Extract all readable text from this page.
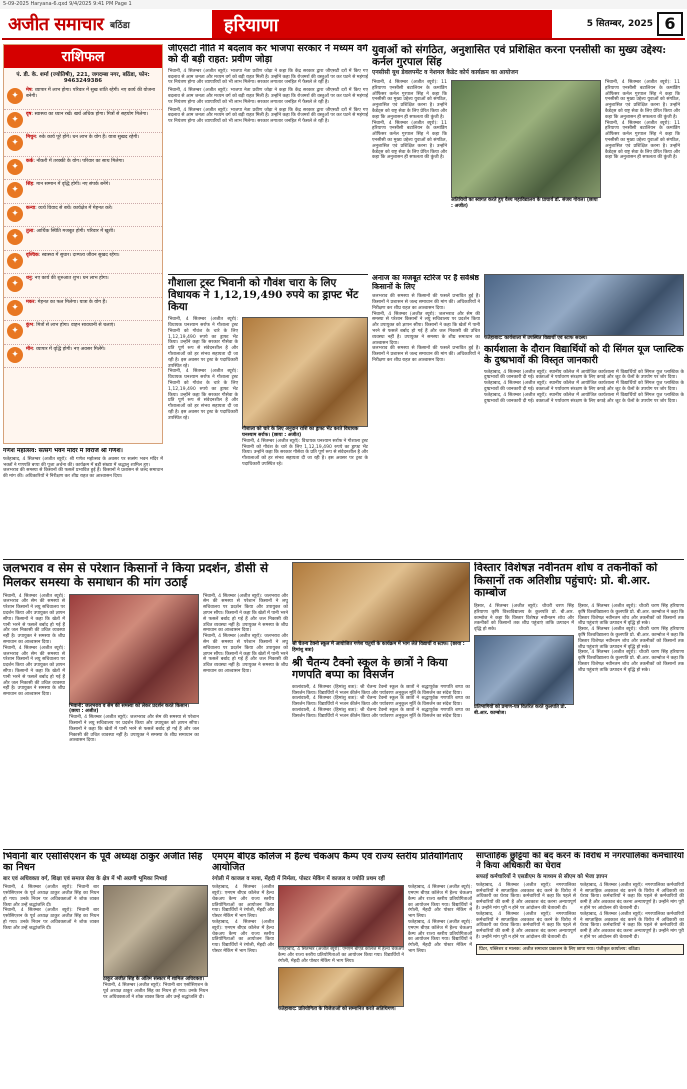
5-09-2025 Haryana-6.qxd 9/4/2025 9:41 PM Page 1
अजीत समाचार बठिंडा	हरियाणा	5 सितम्बर, 2025 6
राशिफल
पं. डी. के. शर्मा (ज्योतिषी), 221, जगदम्बा नगर, बठिंडा, फोन: 9463249386
✦
मेष: व्यापार में लाभ होगा। परिवार में सुख शांति रहेगी। नए कार्य की योजना बनेगी।
✦
वृष: स्वास्थ्य का ध्यान रखें। खर्च अधिक होगा। मित्रों से सहयोग मिलेगा।
✦
मिथुन: रुके कार्य पूरे होंगे। धन लाभ के योग हैं। यात्रा सुखद रहेगी।
✦
कर्क: नौकरी में तरक्की के योग। परिवार का साथ मिलेगा।
✦
सिंह: मान सम्मान में वृद्धि होगी। नए संपर्क बनेंगे।
✦
कन्या: व्यर्थ विवाद से बचें। कार्यक्षेत्र में मेहनत करें।
✦
तुला: आर्थिक स्थिति मजबूत होगी। परिवार में खुशी।
✦
वृश्चिक: स्वास्थ्य में सुधार। दाम्पत्य जीवन सुखद रहेगा।
✦
धनु: नए कार्य की शुरुआत शुभ। धन लाभ होगा।
✦
मकर: मेहनत का फल मिलेगा। यात्रा के योग हैं।
✦
कुंभ: मित्रों से लाभ होगा। वाहन सावधानी से चलाएं।
✦
मीन: व्यापार में वृद्धि होगी। नए अवसर मिलेंगे।
जीएसटी नीति में बदलाव कर भाजपा सरकार ने मध्यम वर्ग को दी बड़ी राहत: प्रवीण जोड़ा
भिवानी, 4 सितम्बर (अजीत ब्यूरो): भाजपा नेता प्रवीण जोड़ा ने कहा कि केंद्र सरकार द्वारा जीएसटी दरों में किए गए बदलाव से आम जनता और मध्यम वर्ग को बड़ी राहत मिली है। उन्होंने कहा कि रोजमर्रा की वस्तुओं पर कर घटने से महंगाई पर नियंत्रण होगा और व्यापारियों को भी लाभ मिलेगा। सरकार लगातार जनहित में फैसले ले रही है।
भिवानी, 4 सितम्बर (अजीत ब्यूरो): भाजपा नेता प्रवीण जोड़ा ने कहा कि केंद्र सरकार द्वारा जीएसटी दरों में किए गए बदलाव से आम जनता और मध्यम वर्ग को बड़ी राहत मिली है। उन्होंने कहा कि रोजमर्रा की वस्तुओं पर कर घटने से महंगाई पर नियंत्रण होगा और व्यापारियों को भी लाभ मिलेगा। सरकार लगातार जनहित में फैसले ले रही है।
भिवानी, 4 सितम्बर (अजीत ब्यूरो): भाजपा नेता प्रवीण जोड़ा ने कहा कि केंद्र सरकार द्वारा जीएसटी दरों में किए गए बदलाव से आम जनता और मध्यम वर्ग को बड़ी राहत मिली है। उन्होंने कहा कि रोजमर्रा की वस्तुओं पर कर घटने से महंगाई पर नियंत्रण होगा और व्यापारियों को भी लाभ मिलेगा। सरकार लगातार जनहित में फैसले ले रही है।
युवाओं को संगठित, अनुशासित एवं प्रशिक्षित करना एनसीसी का मुख्य उद्देश्य: कर्नल गुरपाल सिंह
एनसीसी यूथ डेवलपमेंट व नेशनल कैडेट कोर्प कार्यक्रम का आयोजन
भिवानी, 4 सितम्बर (अजीत ब्यूरो): 11 हरियाणा एनसीसी बटालियन के कमांडिंग ऑफिसर कर्नल गुरपाल सिंह ने कहा कि एनसीसी का मुख्य उद्देश्य युवाओं को संगठित, अनुशासित एवं प्रशिक्षित करना है। उन्होंने कैडेट्स को राष्ट्र सेवा के लिए प्रेरित किया और कहा कि अनुशासन ही सफलता की कुंजी है।
भिवानी, 4 सितम्बर (अजीत ब्यूरो): 11 हरियाणा एनसीसी बटालियन के कमांडिंग ऑफिसर कर्नल गुरपाल सिंह ने कहा कि एनसीसी का मुख्य उद्देश्य युवाओं को संगठित, अनुशासित एवं प्रशिक्षित करना है। उन्होंने कैडेट्स को राष्ट्र सेवा के लिए प्रेरित किया और कहा कि अनुशासन ही सफलता की कुंजी है।
अतिथियों का स्वागत करते हुए वैश्य महाविद्यालय के प्राचार्य डॉ. संजय गोयल। (छाया : अजीत)
भिवानी, 4 सितम्बर (अजीत ब्यूरो): 11 हरियाणा एनसीसी बटालियन के कमांडिंग ऑफिसर कर्नल गुरपाल सिंह ने कहा कि एनसीसी का मुख्य उद्देश्य युवाओं को संगठित, अनुशासित एवं प्रशिक्षित करना है। उन्होंने कैडेट्स को राष्ट्र सेवा के लिए प्रेरित किया और कहा कि अनुशासन ही सफलता की कुंजी है।
भिवानी, 4 सितम्बर (अजीत ब्यूरो): 11 हरियाणा एनसीसी बटालियन के कमांडिंग ऑफिसर कर्नल गुरपाल सिंह ने कहा कि एनसीसी का मुख्य उद्देश्य युवाओं को संगठित, अनुशासित एवं प्रशिक्षित करना है। उन्होंने कैडेट्स को राष्ट्र सेवा के लिए प्रेरित किया और कहा कि अनुशासन ही सफलता की कुंजी है।
गणेश महोत्सव: सत्संग भवन मंदिर में विराजे श्री गणेश।
फतेहाबाद, 4 सितम्बर (अजीत ब्यूरो): श्री गणेश महोत्सव के अवसर पर सत्संग भवन मंदिर में भक्तों ने गणपति बप्पा की पूजा अर्चना की। कार्यक्रम में बड़ी संख्या में श्रद्धालु शामिल हुए।
जलभराव की समस्या से किसानों की फसलें प्रभावित हुई हैं। किसानों ने प्रशासन से जल्द समाधान की मांग की। अधिकारियों ने निरीक्षण कर शीघ्र राहत का आश्वासन दिया।
गौशाला ट्रस्ट भिवानी को गौवंश चारा के लिए विधायक ने 1,12,19,490 रुपये का ड्राफ्ट भेंट किया
भिवानी, 4 सितम्बर (अजीत ब्यूरो): विधायक घनश्याम सर्राफ ने गौशाला ट्रस्ट भिवानी को गौवंश के चारे के लिए 1,12,19,490 रुपये का ड्राफ्ट भेंट किया। उन्होंने कहा कि सरकार गौसेवा के प्रति पूर्ण रूप से संवेदनशील है और गौशालाओं को हर संभव सहायता दी जा रही है। इस अवसर पर ट्रस्ट के पदाधिकारी उपस्थित रहे।
भिवानी, 4 सितम्बर (अजीत ब्यूरो): विधायक घनश्याम सर्राफ ने गौशाला ट्रस्ट भिवानी को गौवंश के चारे के लिए 1,12,19,490 रुपये का ड्राफ्ट भेंट किया। उन्होंने कहा कि सरकार गौसेवा के प्रति पूर्ण रूप से संवेदनशील है और गौशालाओं को हर संभव सहायता दी जा रही है। इस अवसर पर ट्रस्ट के पदाधिकारी उपस्थित रहे।
गौशाला को चारे के लिए अनुदान राशि का ड्राफ्ट भेंट करते विधायक घनश्याम सर्राफ। (छाया : अजीत)
भिवानी, 4 सितम्बर (अजीत ब्यूरो): विधायक घनश्याम सर्राफ ने गौशाला ट्रस्ट भिवानी को गौवंश के चारे के लिए 1,12,19,490 रुपये का ड्राफ्ट भेंट किया। उन्होंने कहा कि सरकार गौसेवा के प्रति पूर्ण रूप से संवेदनशील है और गौशालाओं को हर संभव सहायता दी जा रही है। इस अवसर पर ट्रस्ट के पदाधिकारी उपस्थित रहे।
अनाज का मजबूत स्टोरेज पर है सर्वश्रेष्ठ किसानों के लिए
जलभराव की समस्या से किसानों की फसलें प्रभावित हुई हैं। किसानों ने प्रशासन से जल्द समाधान की मांग की। अधिकारियों ने निरीक्षण कर शीघ्र राहत का आश्वासन दिया।
भिवानी, 4 सितम्बर (अजीत ब्यूरो): जलभराव और सेम की समस्या से परेशान किसानों ने लघु सचिवालय पर प्रदर्शन किया और उपायुक्त को ज्ञापन सौंपा। किसानों ने कहा कि खेतों में पानी भरने से फसलें बर्बाद हो गई हैं और जल निकासी की उचित व्यवस्था नहीं है। उपायुक्त ने समस्या के शीघ्र समाधान का आश्वासन दिया।
जलभराव की समस्या से किसानों की फसलें प्रभावित हुई हैं। किसानों ने प्रशासन से जल्द समाधान की मांग की। अधिकारियों ने निरीक्षण कर शीघ्र राहत का आश्वासन दिया।
फतेहाबाद: कार्यशाला में उपस्थित विद्यार्थी एवं स्टाफ सदस्य।
कार्यशाला के दौरान विद्यार्थियों को दी सिंगल यूज प्लास्टिक के दुष्प्रभावों की विस्तृत जानकारी
फतेहाबाद, 4 सितम्बर (अजीत ब्यूरो): स्थानीय कॉलेज में आयोजित कार्यशाला में विद्यार्थियों को सिंगल यूज प्लास्टिक के दुष्प्रभावों की जानकारी दी गई। वक्ताओं ने पर्यावरण संरक्षण के लिए कपड़े और जूट के थैलों के उपयोग पर जोर दिया।
फतेहाबाद, 4 सितम्बर (अजीत ब्यूरो): स्थानीय कॉलेज में आयोजित कार्यशाला में विद्यार्थियों को सिंगल यूज प्लास्टिक के दुष्प्रभावों की जानकारी दी गई। वक्ताओं ने पर्यावरण संरक्षण के लिए कपड़े और जूट के थैलों के उपयोग पर जोर दिया।
फतेहाबाद, 4 सितम्बर (अजीत ब्यूरो): स्थानीय कॉलेज में आयोजित कार्यशाला में विद्यार्थियों को सिंगल यूज प्लास्टिक के दुष्प्रभावों की जानकारी दी गई। वक्ताओं ने पर्यावरण संरक्षण के लिए कपड़े और जूट के थैलों के उपयोग पर जोर दिया।
जलभराव व सेम से परेशान किसानों ने किया प्रदर्शन, डीसी से मिलकर समस्या के समाधान की मांग उठाई
भिवानी, 4 सितम्बर (अजीत ब्यूरो): जलभराव और सेम की समस्या से परेशान किसानों ने लघु सचिवालय पर प्रदर्शन किया और उपायुक्त को ज्ञापन सौंपा। किसानों ने कहा कि खेतों में पानी भरने से फसलें बर्बाद हो गई हैं और जल निकासी की उचित व्यवस्था नहीं है। उपायुक्त ने समस्या के शीघ्र समाधान का आश्वासन दिया।
भिवानी, 4 सितम्बर (अजीत ब्यूरो): जलभराव और सेम की समस्या से परेशान किसानों ने लघु सचिवालय पर प्रदर्शन किया और उपायुक्त को ज्ञापन सौंपा। किसानों ने कहा कि खेतों में पानी भरने से फसलें बर्बाद हो गई हैं और जल निकासी की उचित व्यवस्था नहीं है। उपायुक्त ने समस्या के शीघ्र समाधान का आश्वासन दिया।
भिवानी: जलभराव व सेम की समस्या को लेकर प्रदर्शन करते किसान। (छाया : अजीत)
भिवानी, 4 सितम्बर (अजीत ब्यूरो): जलभराव और सेम की समस्या से परेशान किसानों ने लघु सचिवालय पर प्रदर्शन किया और उपायुक्त को ज्ञापन सौंपा। किसानों ने कहा कि खेतों में पानी भरने से फसलें बर्बाद हो गई हैं और जल निकासी की उचित व्यवस्था नहीं है। उपायुक्त ने समस्या के शीघ्र समाधान का आश्वासन दिया।
भिवानी, 4 सितम्बर (अजीत ब्यूरो): जलभराव और सेम की समस्या से परेशान किसानों ने लघु सचिवालय पर प्रदर्शन किया और उपायुक्त को ज्ञापन सौंपा। किसानों ने कहा कि खेतों में पानी भरने से फसलें बर्बाद हो गई हैं और जल निकासी की उचित व्यवस्था नहीं है। उपायुक्त ने समस्या के शीघ्र समाधान का आश्वासन दिया।
भिवानी, 4 सितम्बर (अजीत ब्यूरो): जलभराव और सेम की समस्या से परेशान किसानों ने लघु सचिवालय पर प्रदर्शन किया और उपायुक्त को ज्ञापन सौंपा। किसानों ने कहा कि खेतों में पानी भरने से फसलें बर्बाद हो गई हैं और जल निकासी की उचित व्यवस्था नहीं है। उपायुक्त ने समस्या के शीघ्र समाधान का आश्वासन दिया।
श्री चैतन्य टैक्नो स्कूल में आयोजित गणेश चतुर्थी के कार्यक्रम में भाग लेते विद्यार्थी व स्टाफ। (छाया : हिमांशु बत्रा)
श्री चैतन्य टैक्नो स्कूल के छात्रों ने किया गणपति बप्पा का विसर्जन
कालांवाली, 4 सितम्बर (हिमांशु बत्रा): श्री चैतन्य टैक्नो स्कूल के छात्रों ने श्रद्धापूर्वक गणपति बप्पा का विसर्जन किया। विद्यार्थियों ने भजन कीर्तन किया और पर्यावरण अनुकूल मूर्ति के विसर्जन का संदेश दिया।
कालांवाली, 4 सितम्बर (हिमांशु बत्रा): श्री चैतन्य टैक्नो स्कूल के छात्रों ने श्रद्धापूर्वक गणपति बप्पा का विसर्जन किया। विद्यार्थियों ने भजन कीर्तन किया और पर्यावरण अनुकूल मूर्ति के विसर्जन का संदेश दिया।
कालांवाली, 4 सितम्बर (हिमांशु बत्रा): श्री चैतन्य टैक्नो स्कूल के छात्रों ने श्रद्धापूर्वक गणपति बप्पा का विसर्जन किया। विद्यार्थियों ने भजन कीर्तन किया और पर्यावरण अनुकूल मूर्ति के विसर्जन का संदेश दिया।
विस्तार विशेषज्ञ नवीनतम शोध व तकनीकों को किसानों तक अतिशीघ्र पहुंचाएं: प्रो. बी.आर. काम्बोज
हिसार, 4 सितम्बर (अजीत ब्यूरो): चौधरी चरण सिंह हरियाणा कृषि विश्वविद्यालय के कुलपति प्रो. बी.आर. काम्बोज ने कहा कि विस्तार विशेषज्ञ नवीनतम शोध और तकनीकों को किसानों तक शीघ्र पहुंचाएं ताकि उत्पादन में वृद्धि हो सके।
प्रतिभागियों को प्रमाण-पत्र वितरित करते कुलपति प्रो. बी.आर. काम्बोज।
हिसार, 4 सितम्बर (अजीत ब्यूरो): चौधरी चरण सिंह हरियाणा कृषि विश्वविद्यालय के कुलपति प्रो. बी.आर. काम्बोज ने कहा कि विस्तार विशेषज्ञ नवीनतम शोध और तकनीकों को किसानों तक शीघ्र पहुंचाएं ताकि उत्पादन में वृद्धि हो सके।
हिसार, 4 सितम्बर (अजीत ब्यूरो): चौधरी चरण सिंह हरियाणा कृषि विश्वविद्यालय के कुलपति प्रो. बी.आर. काम्बोज ने कहा कि विस्तार विशेषज्ञ नवीनतम शोध और तकनीकों को किसानों तक शीघ्र पहुंचाएं ताकि उत्पादन में वृद्धि हो सके।
हिसार, 4 सितम्बर (अजीत ब्यूरो): चौधरी चरण सिंह हरियाणा कृषि विश्वविद्यालय के कुलपति प्रो. बी.आर. काम्बोज ने कहा कि विस्तार विशेषज्ञ नवीनतम शोध और तकनीकों को किसानों तक शीघ्र पहुंचाएं ताकि उत्पादन में वृद्धि हो सके।
भिवानी बार एसोसिएशन के पूर्व अध्यक्ष ठाकुर अजीत सिंह का निधन
बार एवं अधिवक्ता वर्ग, शिक्षा एवं समाज सेवा के क्षेत्र में भी अग्रणी भूमिका निभाई
भिवानी, 4 सितम्बर (अजीत ब्यूरो): भिवानी बार एसोसिएशन के पूर्व अध्यक्ष ठाकुर अजीत सिंह का निधन हो गया। उनके निधन पर अधिवक्ताओं ने शोक व्यक्त किया और उन्हें श्रद्धांजलि दी।
भिवानी, 4 सितम्बर (अजीत ब्यूरो): भिवानी बार एसोसिएशन के पूर्व अध्यक्ष ठाकुर अजीत सिंह का निधन हो गया। उनके निधन पर अधिवक्ताओं ने शोक व्यक्त किया और उन्हें श्रद्धांजलि दी।
ठाकुर अजीत सिंह के अंतिम संस्कार में शामिल अधिवक्ता।
भिवानी, 4 सितम्बर (अजीत ब्यूरो): भिवानी बार एसोसिएशन के पूर्व अध्यक्ष ठाकुर अजीत सिंह का निधन हो गया। उनके निधन पर अधिवक्ताओं ने शोक व्यक्त किया और उन्हें श्रद्धांजलि दी।
एमएम बीएड कॉलेज में हैल्थ चेकअप कैम्प एवं राज्य स्तरीय प्रतियोगिताएं आयोजित
रंगोली में काजल व माया, मेंहदी में निर्मला, पोस्टर मेकिंग में काजल व ज्योति प्रथम रहीं
फतेहाबाद, 4 सितम्बर (अजीत ब्यूरो): एमएम बीएड कॉलेज में हैल्थ चेकअप कैम्प और राज्य स्तरीय प्रतियोगिताओं का आयोजन किया गया। विद्यार्थियों ने रंगोली, मेंहदी और पोस्टर मेकिंग में भाग लिया।
फतेहाबाद, 4 सितम्बर (अजीत ब्यूरो): एमएम बीएड कॉलेज में हैल्थ चेकअप कैम्प और राज्य स्तरीय प्रतियोगिताओं का आयोजन किया गया। विद्यार्थियों ने रंगोली, मेंहदी और पोस्टर मेकिंग में भाग लिया।	फतेहाबाद, 4 सितम्बर (अजीत ब्यूरो): एमएम बीएड कॉलेज में हैल्थ चेकअप कैम्प और राज्य स्तरीय प्रतियोगिताओं का आयोजन किया गया। विद्यार्थियों ने रंगोली, मेंहदी और पोस्टर मेकिंग में भाग लिया।
फतेहाबाद: प्रतियोगिता के विजेताओं को सम्मानित करते अतिथिगण।
फतेहाबाद, 4 सितम्बर (अजीत ब्यूरो): एमएम बीएड कॉलेज में हैल्थ चेकअप कैम्प और राज्य स्तरीय प्रतियोगिताओं का आयोजन किया गया। विद्यार्थियों ने रंगोली, मेंहदी और पोस्टर मेकिंग में भाग लिया।
फतेहाबाद, 4 सितम्बर (अजीत ब्यूरो): एमएम बीएड कॉलेज में हैल्थ चेकअप कैम्प और राज्य स्तरीय प्रतियोगिताओं का आयोजन किया गया। विद्यार्थियों ने रंगोली, मेंहदी और पोस्टर मेकिंग में भाग लिया।
साप्ताहिक छुट्टियों को बंद करने के विरोध में नगरपालिका कर्मचारियों ने किया अधिकारी का घेराव
सफाई कर्मचारियों ने एसडीएम के माध्यम से सीएम को भेजा ज्ञापन
फतेहाबाद, 4 सितम्बर (अजीत ब्यूरो): नगरपालिका कर्मचारियों ने साप्ताहिक अवकाश बंद करने के विरोध में अधिकारी का घेराव किया। कर्मचारियों ने कहा कि पहले से कर्मचारियों की कमी है और अवकाश बंद करना अन्यायपूर्ण है। उन्होंने मांग पूरी न होने पर आंदोलन की चेतावनी दी।
फतेहाबाद, 4 सितम्बर (अजीत ब्यूरो): नगरपालिका कर्मचारियों ने साप्ताहिक अवकाश बंद करने के विरोध में अधिकारी का घेराव किया। कर्मचारियों ने कहा कि पहले से कर्मचारियों की कमी है और अवकाश बंद करना अन्यायपूर्ण है। उन्होंने मांग पूरी न होने पर आंदोलन की चेतावनी दी।
फतेहाबाद, 4 सितम्बर (अजीत ब्यूरो): नगरपालिका कर्मचारियों ने साप्ताहिक अवकाश बंद करने के विरोध में अधिकारी का घेराव किया। कर्मचारियों ने कहा कि पहले से कर्मचारियों की कमी है और अवकाश बंद करना अन्यायपूर्ण है। उन्होंने मांग पूरी न होने पर आंदोलन की चेतावनी दी।
फतेहाबाद, 4 सितम्बर (अजीत ब्यूरो): नगरपालिका कर्मचारियों ने साप्ताहिक अवकाश बंद करने के विरोध में अधिकारी का घेराव किया। कर्मचारियों ने कहा कि पहले से कर्मचारियों की कमी है और अवकाश बंद करना अन्यायपूर्ण है। उन्होंने मांग पूरी न होने पर आंदोलन की चेतावनी दी।
प्रिंटर, पब्लिशर व मालक: अजीत समाचार प्रकाशन के लिए छापा गया। पंजीकृत कार्यालय: बठिंडा।
